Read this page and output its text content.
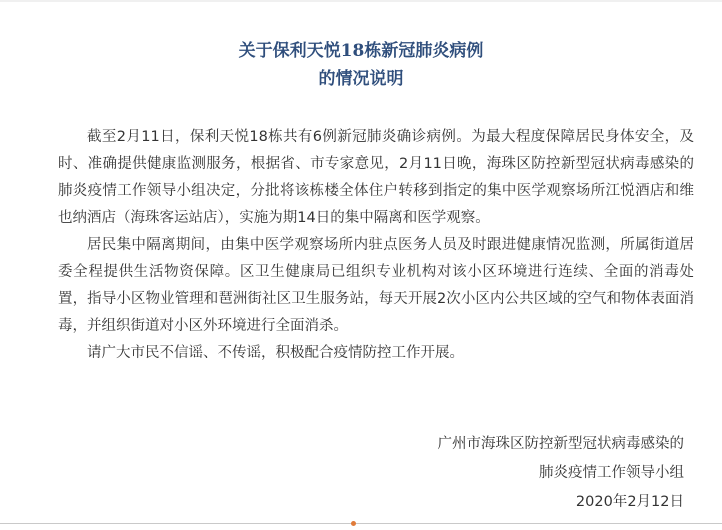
关于保利天悦18栋新冠肺炎病例
的情况说明

截至2月11日，保利天悦18栋共有6例新冠肺炎确诊病例。为最大程度保障居民身体安全，及时、准确提供健康监测服务，根据省、市专家意见，2月11日晚，海珠区防控新型冠状病毒感染的肺炎疫情工作领导小组决定，分批将该栋楼全体住户转移到指定的集中医学观察场所江悦酒店和维也纳酒店（海珠客运站店），实施为期14日的集中隔离和医学观察。

居民集中隔离期间，由集中医学观察场所内驻点医务人员及时跟进健康情况监测，所属街道居委全程提供生活物资保障。区卫生健康局已组织专业机构对该小区环境进行连续、全面的消毒处置，指导小区物业管理和琶洲街社区卫生服务站，每天开展2次小区内公共区域的空气和物体表面消毒，并组织街道对小区外环境进行全面消杀。

请广大市民不信谣、不传谣，积极配合疫情防控工作开展。

广州市海珠区防控新型冠状病毒感染的
肺炎疫情工作领导小组
2020年2月12日
